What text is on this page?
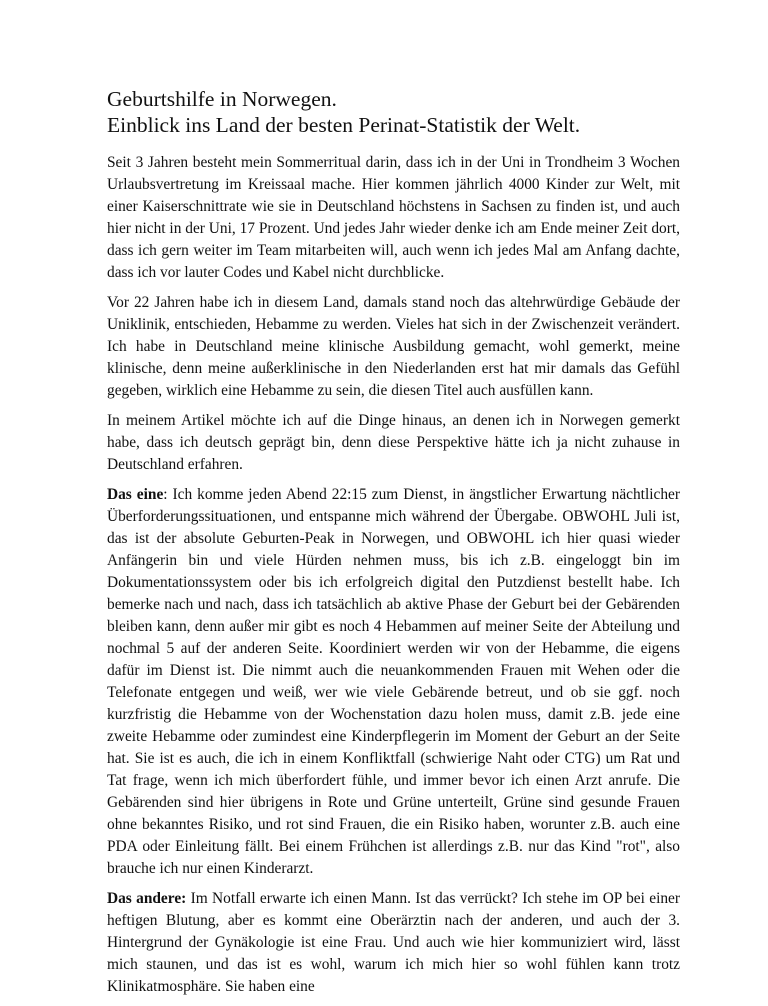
Geburtshilfe in Norwegen.
Einblick ins Land der besten Perinat-Statistik der Welt.

Seit 3 Jahren besteht mein Sommerritual darin, dass ich in der Uni in Trondheim 3 Wochen Urlaubsvertretung im Kreissaal mache. Hier kommen jährlich 4000 Kinder zur Welt, mit einer Kaiserschnittrate wie sie in Deutschland höchstens in Sachsen zu finden ist, und auch hier nicht in der Uni, 17 Prozent. Und jedes Jahr wieder denke ich am Ende meiner Zeit dort, dass ich gern weiter im Team mitarbeiten will, auch wenn ich jedes Mal am Anfang dachte, dass ich vor lauter Codes und Kabel nicht durchblicke.

Vor 22 Jahren habe ich in diesem Land, damals stand noch das altehrwürdige Gebäude der Uniklinik, entschieden, Hebamme zu werden. Vieles hat sich in der Zwischenzeit verändert. Ich habe in Deutschland meine klinische Ausbildung gemacht, wohl gemerkt, meine klinische, denn meine außerklinische in den Niederlanden erst hat mir damals das Gefühl gegeben, wirklich eine Hebamme zu sein, die diesen Titel auch ausfüllen kann.

In meinem Artikel möchte ich auf die Dinge hinaus, an denen ich in Norwegen gemerkt habe, dass ich deutsch geprägt bin, denn diese Perspektive hätte ich ja nicht zuhause in Deutschland erfahren.

Das eine: Ich komme jeden Abend 22:15 zum Dienst, in ängstlicher Erwartung nächtlicher Überforderungssituationen, und entspanne mich während der Übergabe. OBWOHL Juli ist, das ist der absolute Geburten-Peak in Norwegen, und OBWOHL ich hier quasi wieder Anfängerin bin und viele Hürden nehmen muss, bis ich z.B. eingeloggt bin im Dokumentationssystem oder bis ich erfolgreich digital den Putzdienst bestellt habe. Ich bemerke nach und nach, dass ich tatsächlich ab aktive Phase der Geburt bei der Gebärenden bleiben kann, denn außer mir gibt es noch 4 Hebammen auf meiner Seite der Abteilung und nochmal 5 auf der anderen Seite. Koordiniert werden wir von der Hebamme, die eigens dafür im Dienst ist. Die nimmt auch die neuankommenden Frauen mit Wehen oder die Telefonate entgegen und weiß, wer wie viele Gebärende betreut, und ob sie ggf. noch kurzfristig die Hebamme von der Wochenstation dazu holen muss, damit z.B. jede eine zweite Hebamme oder zumindest eine Kinderpflegerin im Moment der Geburt an der Seite hat. Sie ist es auch, die ich in einem Konfliktfall (schwierige Naht oder CTG) um Rat und Tat frage, wenn ich mich überfordert fühle, und immer bevor ich einen Arzt anrufe. Die Gebärenden sind hier übrigens in Rote und Grüne unterteilt, Grüne sind gesunde Frauen ohne bekanntes Risiko, und rot sind Frauen, die ein Risiko haben, worunter z.B. auch eine PDA oder Einleitung fällt. Bei einem Frühchen ist allerdings z.B. nur das Kind "rot", also brauche ich nur einen Kinderarzt.

Das andere: Im Notfall erwarte ich einen Mann. Ist das verrückt? Ich stehe im OP bei einer heftigen Blutung, aber es kommt eine Oberärztin nach der anderen, und auch der 3. Hintergrund der Gynäkologie ist eine Frau. Und auch wie hier kommuniziert wird, lässt mich staunen, und das ist es wohl, warum ich mich hier so wohl fühlen kann trotz Klinikatmosphäre. Sie haben eine
